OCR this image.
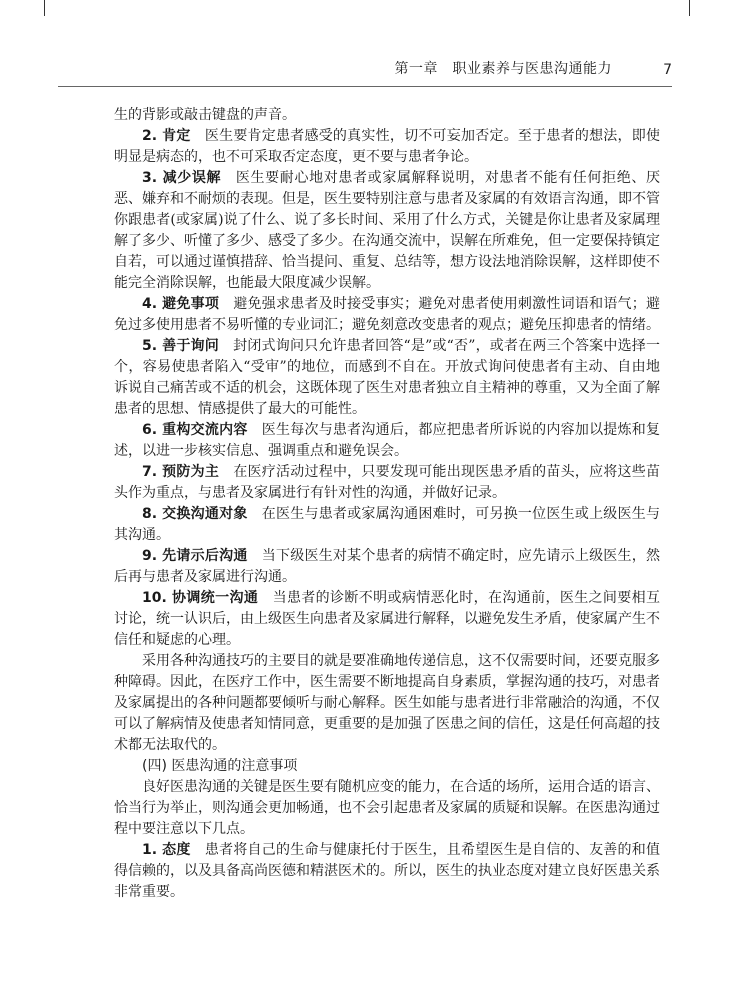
第一章　职业素养与医患沟通能力	7

生的背影或敲击键盘的声音。

2. 肯定　 医生要肯定患者感受的真实性，切不可妄加否定。至于患者的想法，即使明显是病态的，也不可采取否定态度，更不要与患者争论。

3. 减少误解　 医生要耐心地对患者或家属解释说明，对患者不能有任何拒绝、厌恶、嫌弃和不耐烦的表现。但是，医生要特别注意与患者及家属的有效语言沟通，即不管你跟患者(或家属)说了什么、说了多长时间、采用了什么方式，关键是你让患者及家属理解了多少、听懂了多少、感受了多少。在沟通交流中，误解在所难免，但一定要保持镇定自若，可以通过谨慎措辞、恰当提问、重复、总结等，想方设法地消除误解，这样即使不能完全消除误解，也能最大限度减少误解。

4. 避免事项　 避免强求患者及时接受事实；避免对患者使用刺激性词语和语气；避免过多使用患者不易听懂的专业词汇；避免刻意改变患者的观点；避免压抑患者的情绪。

5. 善于询问　 封闭式询问只允许患者回答“是”或“否”，或者在两三个答案中选择一个，容易使患者陷入“受审”的地位，而感到不自在。开放式询问使患者有主动、自由地诉说自己痛苦或不适的机会，这既体现了医生对患者独立自主精神的尊重，又为全面了解患者的思想、情感提供了最大的可能性。

6. 重构交流内容　 医生每次与患者沟通后，都应把患者所诉说的内容加以提炼和复述，以进一步核实信息、强调重点和避免误会。

7. 预防为主　 在医疗活动过程中，只要发现可能出现医患矛盾的苗头，应将这些苗头作为重点，与患者及家属进行有针对性的沟通，并做好记录。

8. 交换沟通对象　 在医生与患者或家属沟通困难时，可另换一位医生或上级医生与其沟通。

9. 先请示后沟通　 当下级医生对某个患者的病情不确定时，应先请示上级医生，然后再与患者及家属进行沟通。

10. 协调统一沟通　 当患者的诊断不明或病情恶化时，在沟通前，医生之间要相互讨论，统一认识后，由上级医生向患者及家属进行解释，以避免发生矛盾，使家属产生不信任和疑虑的心理。

采用各种沟通技巧的主要目的就是要准确地传递信息，这不仅需要时间，还要克服多种障碍。因此，在医疗工作中，医生需要不断地提高自身素质，掌握沟通的技巧，对患者及家属提出的各种问题都要倾听与耐心解释。医生如能与患者进行非常融洽的沟通，不仅可以了解病情及使患者知情同意，更重要的是加强了医患之间的信任，这是任何高超的技术都无法取代的。

(四) 医患沟通的注意事项

良好医患沟通的关键是医生要有随机应变的能力，在合适的场所，运用合适的语言、恰当行为举止，则沟通会更加畅通，也不会引起患者及家属的质疑和误解。在医患沟通过程中要注意以下几点。

1. 态度　 患者将自己的生命与健康托付于医生，且希望医生是自信的、友善的和值得信赖的，以及具备高尚医德和精湛医术的。所以，医生的执业态度对建立良好医患关系非常重要。
